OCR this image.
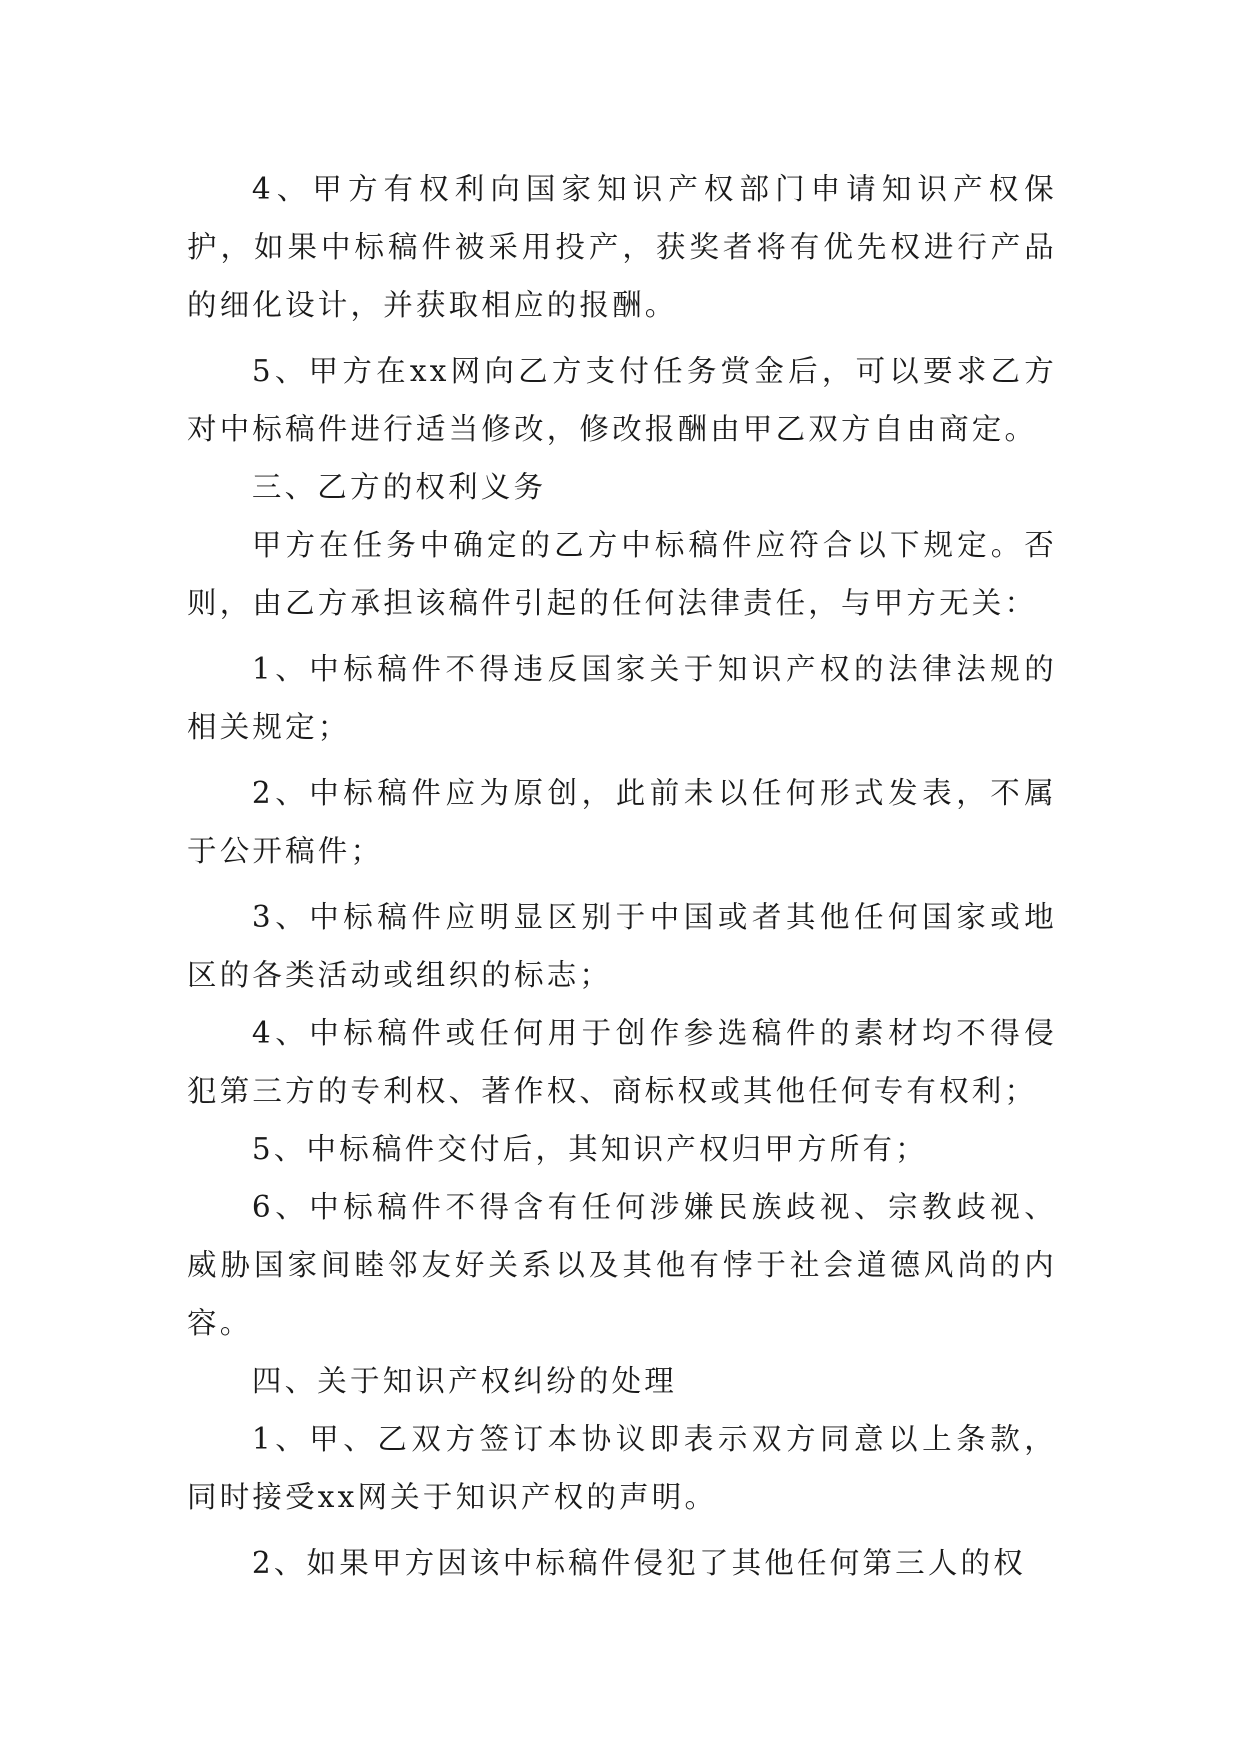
4、甲方有权利向国家知识产权部门申请知识产权保护，如果中标稿件被采用投产，获奖者将有优先权进行产品的细化设计，并获取相应的报酬。

5、甲方在xx网向乙方支付任务赏金后，可以要求乙方对中标稿件进行适当修改，修改报酬由甲乙双方自由商定。

三、乙方的权利义务

甲方在任务中确定的乙方中标稿件应符合以下规定。否则，由乙方承担该稿件引起的任何法律责任，与甲方无关：

1、中标稿件不得违反国家关于知识产权的法律法规的相关规定；

2、中标稿件应为原创，此前未以任何形式发表，不属于公开稿件；

3、中标稿件应明显区别于中国或者其他任何国家或地区的各类活动或组织的标志；

4、中标稿件或任何用于创作参选稿件的素材均不得侵犯第三方的专利权、著作权、商标权或其他任何专有权利；

5、中标稿件交付后，其知识产权归甲方所有；

6、中标稿件不得含有任何涉嫌民族歧视、宗教歧视、威胁国家间睦邻友好关系以及其他有悖于社会道德风尚的内容。

四、关于知识产权纠纷的处理

1、甲、乙双方签订本协议即表示双方同意以上条款，同时接受xx网关于知识产权的声明。

2、如果甲方因该中标稿件侵犯了其他任何第三人的权
